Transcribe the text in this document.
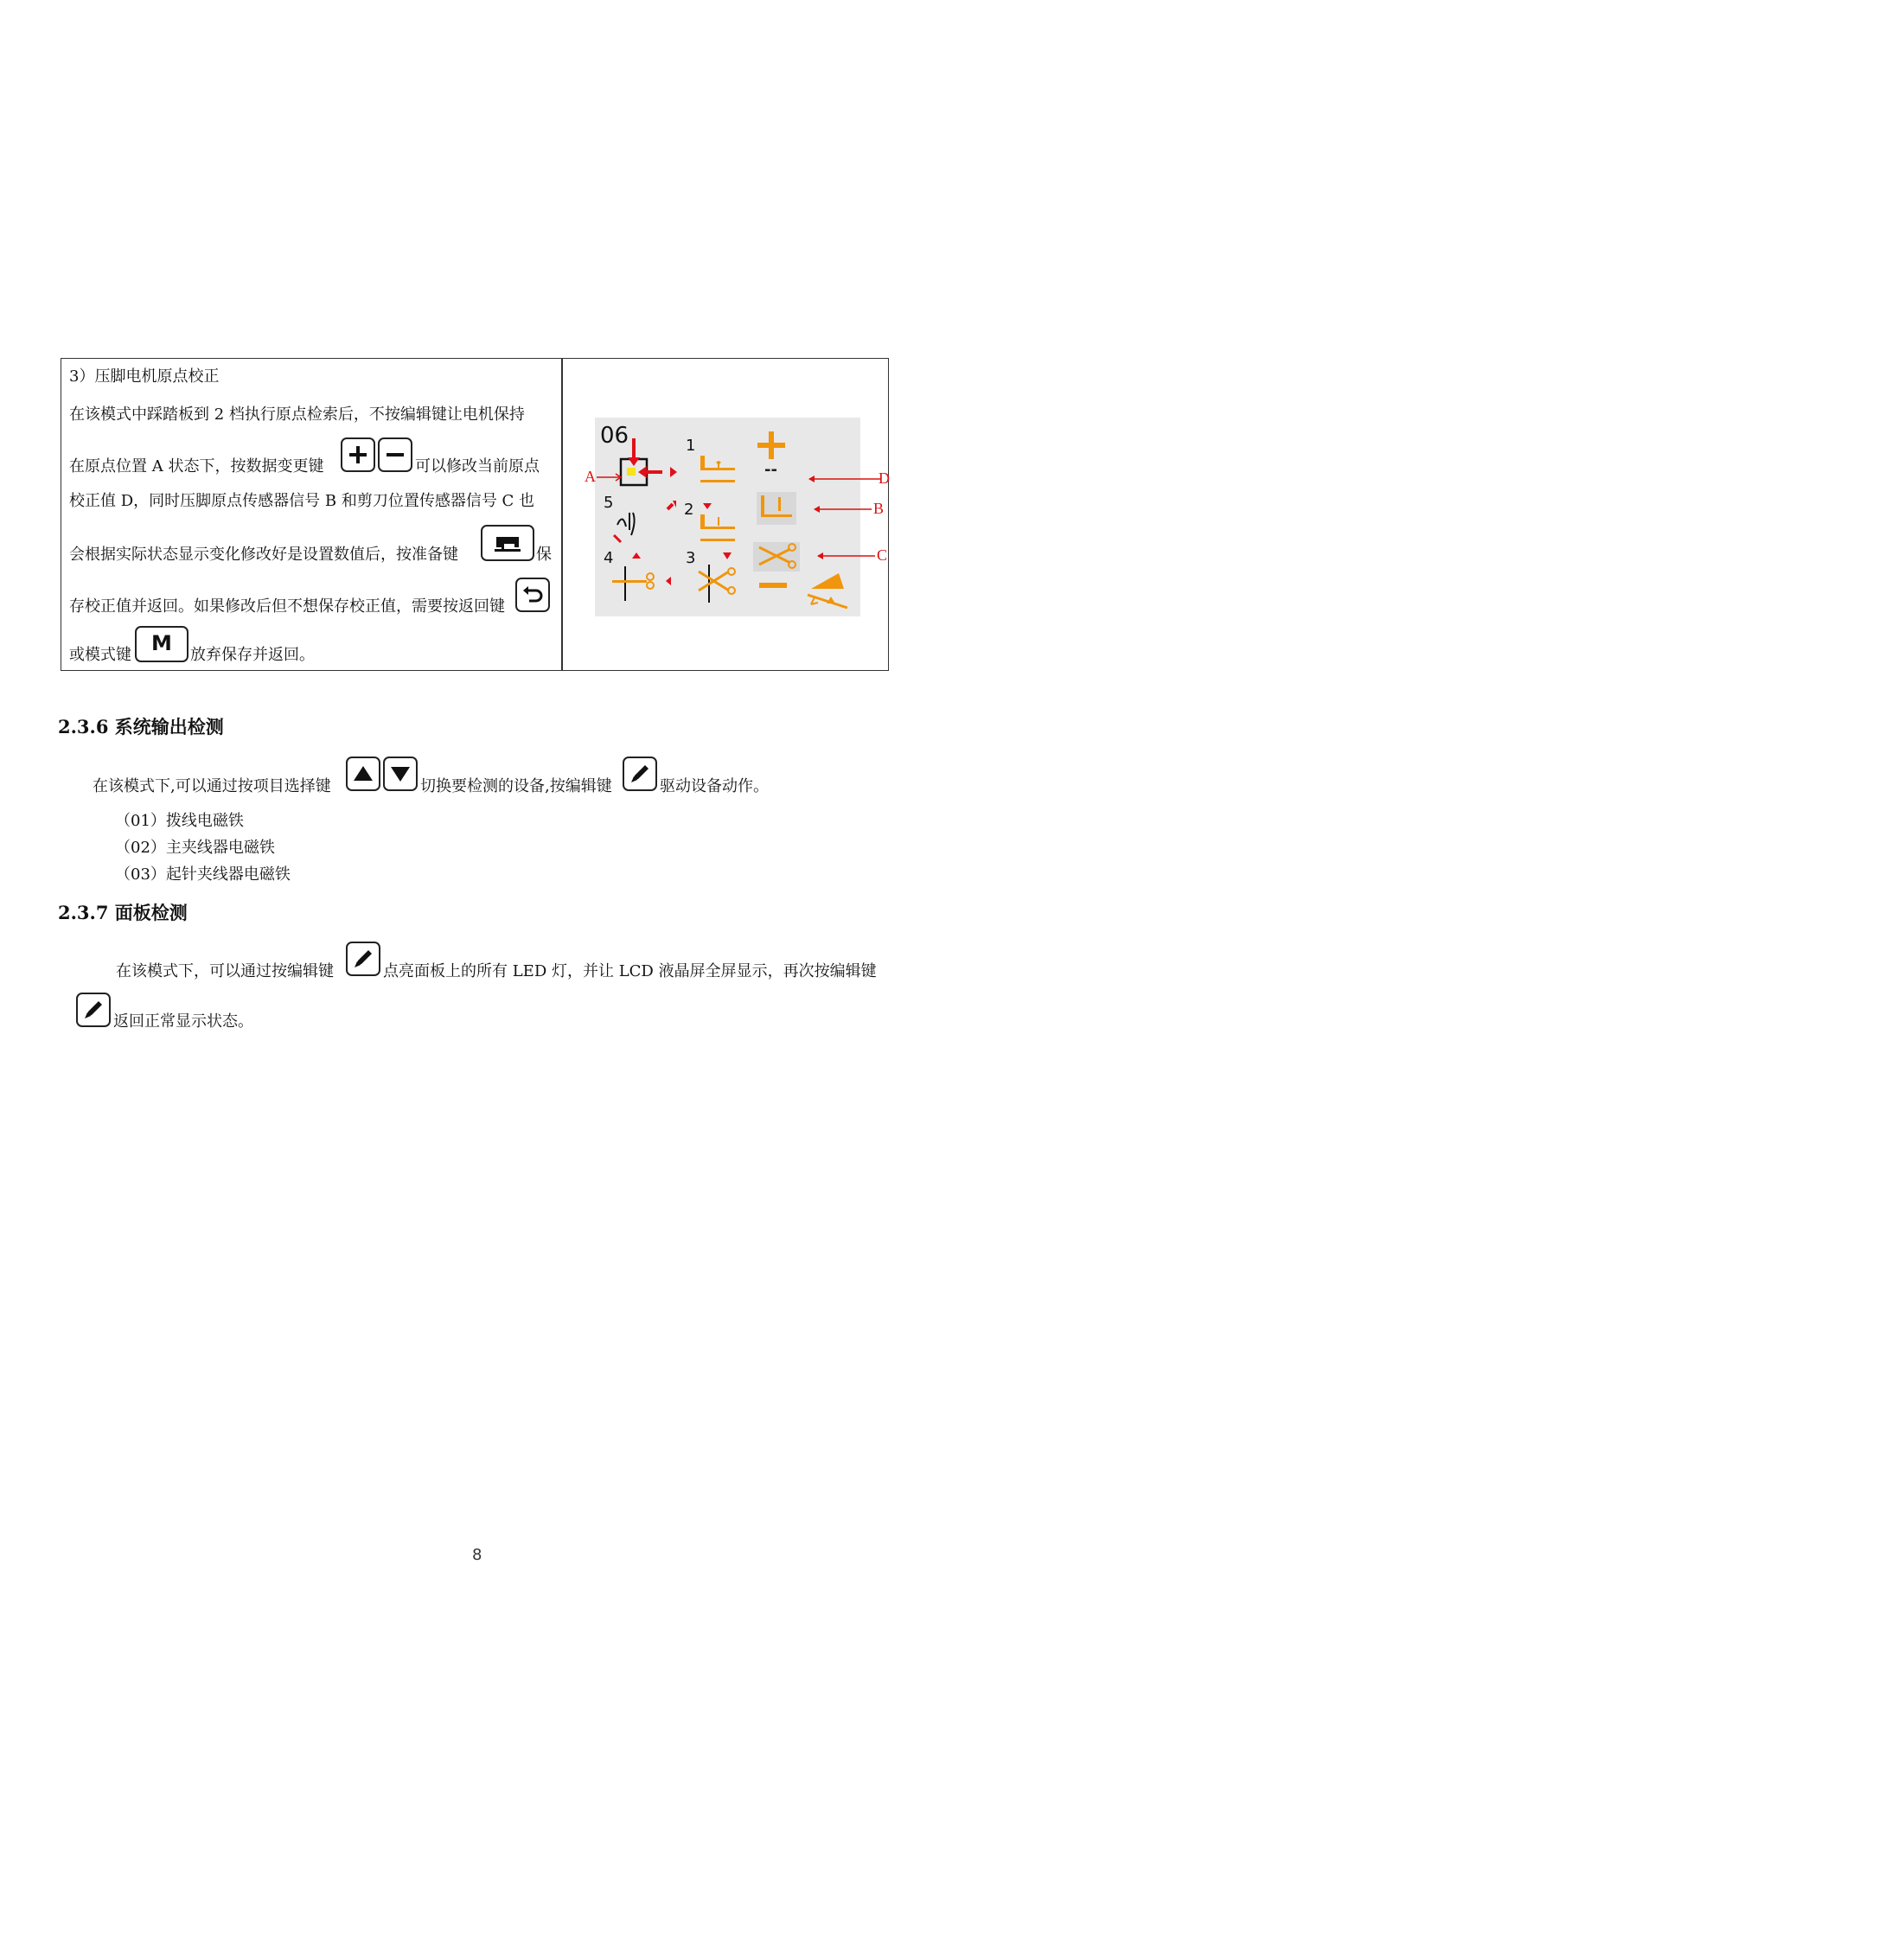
3）压脚电机原点校正
在该模式中踩踏板到 2 档执行原点检索后，不按编辑键让电机保持
在原点位置 A 状态下，按数据变更键	可以修改当前原点
校正值 D，同时压脚原点传感器信号 B 和剪刀位置传感器信号 C 也
会根据实际状态显示变化修改好是设置数值后，按准备键	保
存校正值并返回。如果修改后但不想保存校正值，需要按返回键
或模式键 M	放弃保存并返回。
06	1
2
3
4
5
--
A	D
B
C
2.3.6 系统输出检测
在该模式下,可以通过按项目选择键	切换要检测的设备,按编辑键	驱动设备动作。
（01）拨线电磁铁
（02）主夹线器电磁铁
（03）起针夹线器电磁铁
2.3.7 面板检测
在该模式下，可以通过按编辑键	点亮面板上的所有 LED 灯，并让 LCD 液晶屏全屏显示，再次按编辑键
返回正常显示状态。
8
